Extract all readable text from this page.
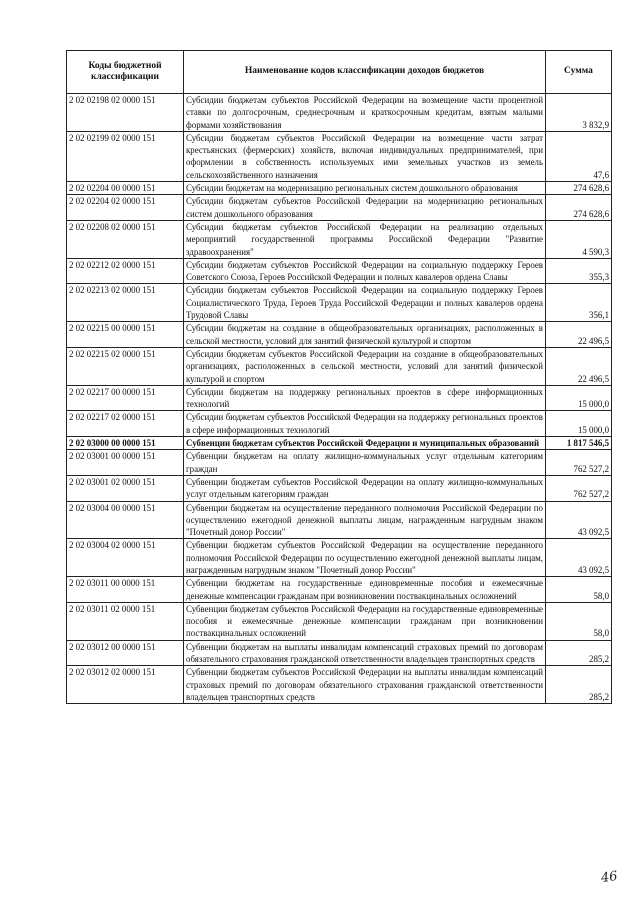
Коды бюджетной классификации	Наименование кодов классификации доходов бюджетов	Сумма
2 02 02198 02 0000 151	Субсидии бюджетам субъектов Российской Федерации на возмещение части процентной ставки по долгосрочным, среднесрочным и краткосрочным кредитам, взятым малыми формами хозяйствования	3 832,9
2 02 02199 02 0000 151	Субсидии бюджетам субъектов Российской Федерации на возмещение части затрат крестьянских (фермерских) хозяйств, включая индивидуальных предпринимателей, при оформлении в собственность используемых ими земельных участков из земель сельскохозяйственного назначения	47,6
2 02 02204 00 0000 151	Субсидии бюджетам на модернизацию региональных систем дошкольного образования	274 628,6
2 02 02204 02 0000 151	Субсидии бюджетам субъектов Российской Федерации на модернизацию региональных систем дошкольного образования	274 628,6
2 02 02208 02 0000 151	Субсидии бюджетам субъектов Российской Федерации на реализацию отдельных мероприятий государственной программы Российской Федерации "Развитие здравоохранения"	4 590,3
2 02 02212 02 0000 151	Субсидии бюджетам субъектов Российской Федерации на социальную поддержку Героев Советского Союза, Героев Российской Федерации и полных кавалеров ордена Славы	355,3
2 02 02213 02 0000 151	Субсидии бюджетам субъектов Российской Федерации на социальную поддержку Героев Социалистического Труда, Героев Труда Российской Федерации и полных кавалеров ордена Трудовой Славы	356,1
2 02 02215 00 0000 151	Субсидии бюджетам на создание в общеобразовательных организациях, расположенных в сельской местности, условий для занятий физической культурой и спортом	22 496,5
2 02 02215 02 0000 151	Субсидии бюджетам субъектов Российской Федерации на создание в общеобразовательных организациях, расположенных в сельской местности, условий для занятий физической культурой и спортом	22 496,5
2 02 02217 00 0000 151	Субсидии бюджетам на поддержку региональных проектов в сфере информационных технологий	15 000,0
2 02 02217 02 0000 151	Субсидии бюджетам субъектов Российской Федерации на поддержку региональных проектов в сфере информационных технологий	15 000,0
2 02 03000 00 0000 151	Субвенции бюджетам субъектов Российской Федерации и муниципальных образований	1 817 546,5
2 02 03001 00 0000 151	Субвенции бюджетам на оплату жилищно-коммунальных услуг отдельным категориям граждан	762 527,2
2 02 03001 02 0000 151	Субвенции бюджетам субъектов Российской Федерации на оплату жилищно-коммунальных услуг отдельным категориям граждан	762 527,2
2 02 03004 00 0000 151	Субвенции бюджетам на осуществление переданного полномочия Российской Федерации по осуществлению ежегодной денежной выплаты лицам, награжденным нагрудным знаком "Почетный донор России"	43 092,5
2 02 03004 02 0000 151	Субвенции бюджетам субъектов Российской Федерации на осуществление переданного полномочия Российской Федерации по осуществлению ежегодной денежной выплаты лицам, награжденным нагрудным знаком "Почетный донор России"	43 092,5
2 02 03011 00 0000 151	Субвенции бюджетам на государственные единовременные пособия и ежемесячные денежные компенсации гражданам при возникновении поствакцинальных осложнений	58,0
2 02 03011 02 0000 151	Субвенции бюджетам субъектов Российской Федерации на государственные единовременные пособия и ежемесячные денежные компенсации гражданам при возникновении поствакцинальных осложнений	58,0
2 02 03012 00 0000 151	Субвенции бюджетам на выплаты инвалидам компенсаций страховых премий по договорам обязательного страхования гражданской ответственности владельцев транспортных средств	285,2
2 02 03012 02 0000 151	Субвенции бюджетам субъектов Российской Федерации на выплаты инвалидам компенсаций страховых премий по договорам обязательного страхования гражданской ответственности владельцев транспортных средств	285,2
46
